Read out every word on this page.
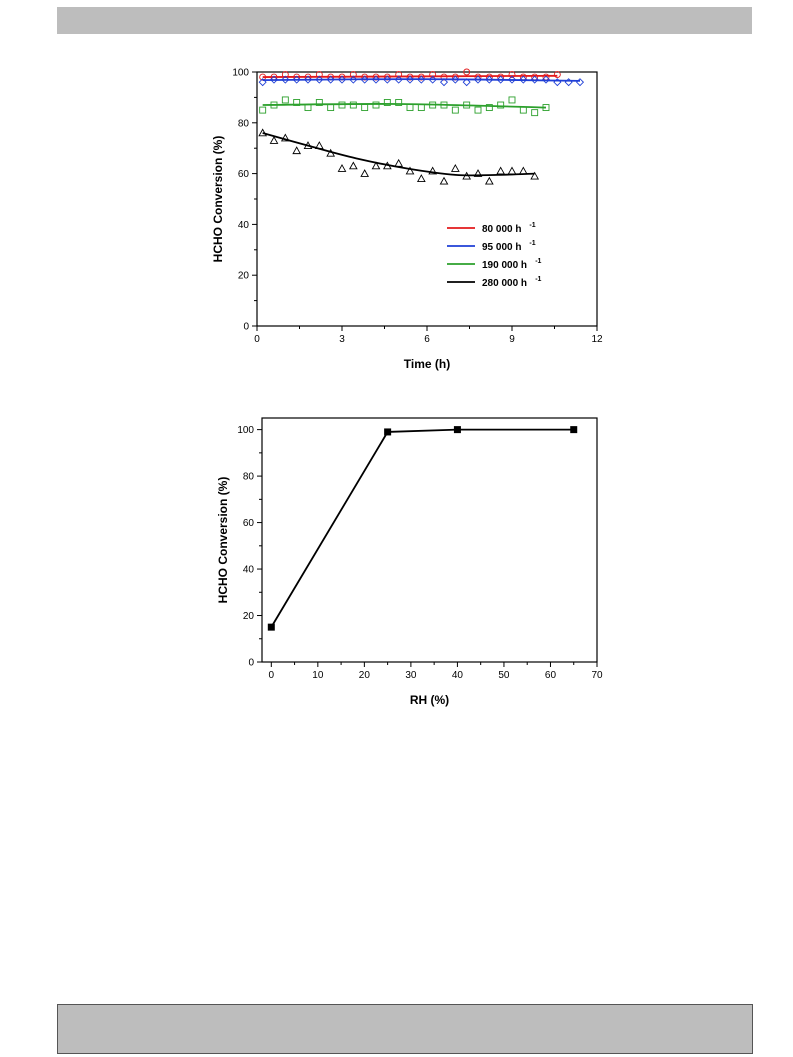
0	3	6	9	12
0
20
40
60
80
100
Time (h)
HCHO Conversion (%)	80 000 h -1
95 000 h -1
190 000 h -1
280 000 h -1
0	10	20	30	40	50	60	70
0
20
40
60
80
100
RH (%)
HCHO Conversion (%)
